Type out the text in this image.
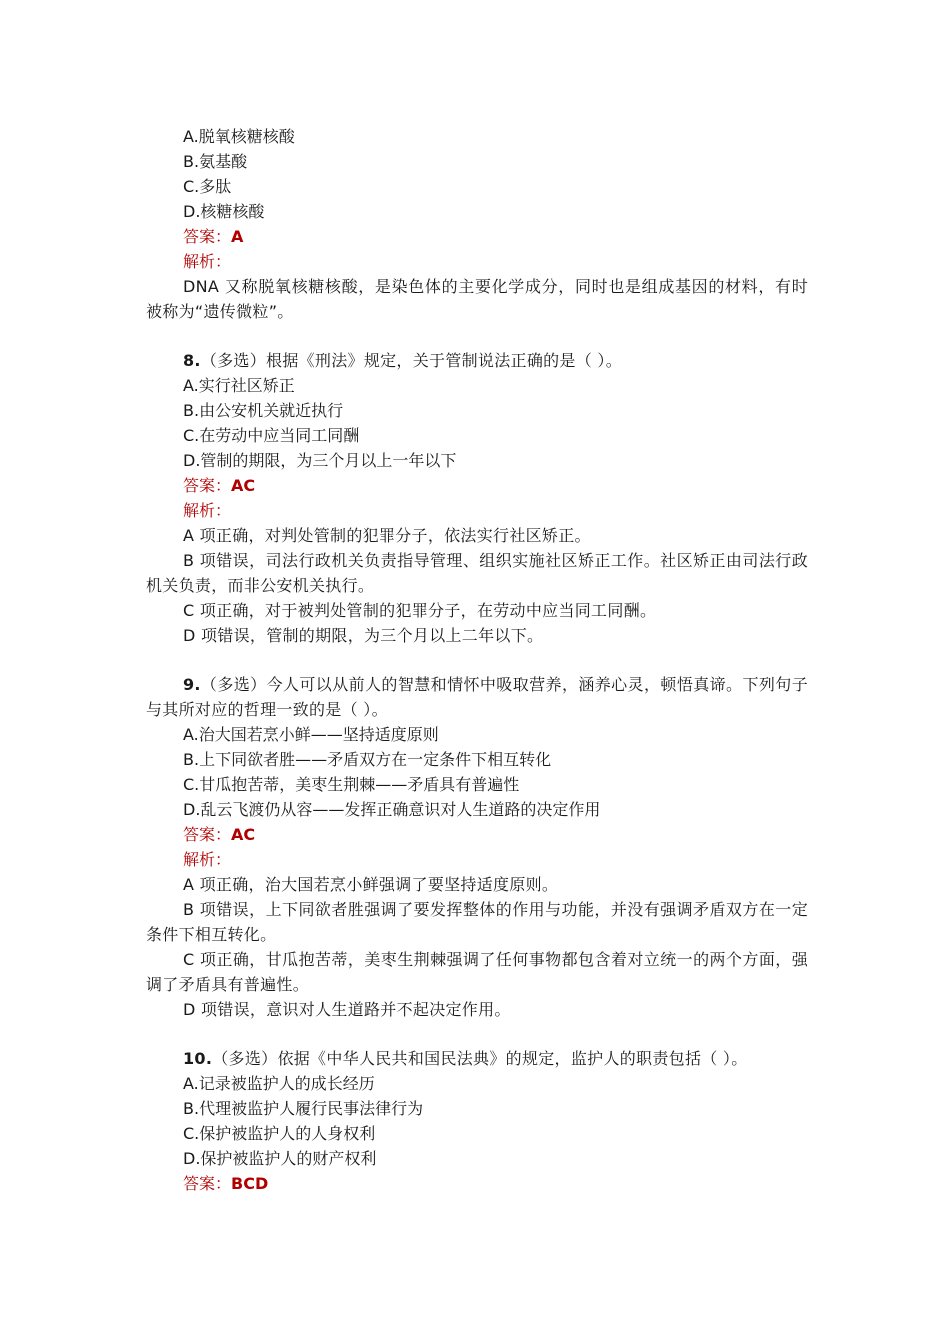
A.脱氧核糖核酸
B.氨基酸
C.多肽
D.核糖核酸
答案：A
解析：
DNA 又称脱氧核糖核酸，是染色体的主要化学成分，同时也是组成基因的材料，有时被称为“遗传微粒”。
8.（多选）根据《刑法》规定，关于管制说法正确的是（ ）。
A.实行社区矫正
B.由公安机关就近执行
C.在劳动中应当同工同酬
D.管制的期限，为三个月以上一年以下
答案：AC
解析：
A 项正确，对判处管制的犯罪分子，依法实行社区矫正。
B 项错误，司法行政机关负责指导管理、组织实施社区矫正工作。社区矫正由司法行政机关负责，而非公安机关执行。
C 项正确，对于被判处管制的犯罪分子，在劳动中应当同工同酬。
D 项错误，管制的期限，为三个月以上二年以下。
9.（多选）今人可以从前人的智慧和情怀中吸取营养，涵养心灵，顿悟真谛。下列句子与其所对应的哲理一致的是（ ）。
A.治大国若烹小鲜——坚持适度原则
B.上下同欲者胜——矛盾双方在一定条件下相互转化
C.甘瓜抱苦蒂，美枣生荆棘——矛盾具有普遍性
D.乱云飞渡仍从容——发挥正确意识对人生道路的决定作用
答案：AC
解析：
A 项正确，治大国若烹小鲜强调了要坚持适度原则。
B 项错误，上下同欲者胜强调了要发挥整体的作用与功能，并没有强调矛盾双方在一定条件下相互转化。
C 项正确，甘瓜抱苦蒂，美枣生荆棘强调了任何事物都包含着对立统一的两个方面，强调了矛盾具有普遍性。
D 项错误，意识对人生道路并不起决定作用。
10.（多选）依据《中华人民共和国民法典》的规定，监护人的职责包括（ ）。
A.记录被监护人的成长经历
B.代理被监护人履行民事法律行为
C.保护被监护人的人身权利
D.保护被监护人的财产权利
答案：BCD
